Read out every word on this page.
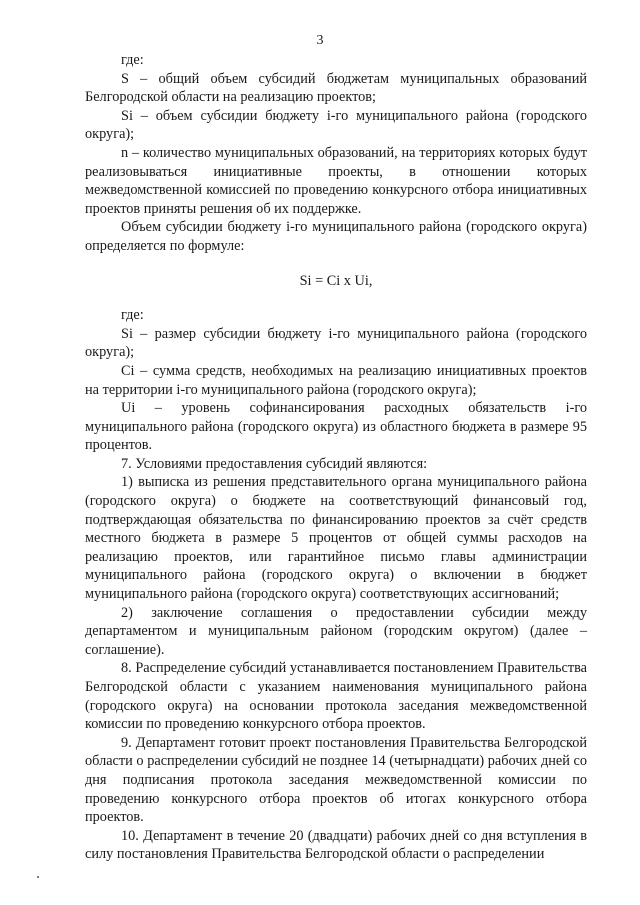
3

где:

S – общий объем субсидий бюджетам муниципальных образований Белгородской области на реализацию проектов;

Si – объем субсидии бюджету i-го муниципального района (городского округа);

n – количество муниципальных образований, на территориях которых будут реализовываться инициативные проекты, в отношении которых межведомственной комиссией по проведению конкурсного отбора инициативных проектов приняты решения об их поддержке.

Объем субсидии бюджету i-го муниципального района (городского округа) определяется по формуле:

Si = Ci x Ui,

где:

Si – размер субсидии бюджету i-го муниципального района (городского округа);

Ci – сумма средств, необходимых на реализацию инициативных проектов на территории i-го муниципального района (городского округа);

Ui – уровень софинансирования расходных обязательств i-го муниципального района (городского округа) из областного бюджета в размере 95 процентов.

7. Условиями предоставления субсидий являются:

1) выписка из решения представительного органа муниципального района (городского округа) о бюджете на соответствующий финансовый год, подтверждающая обязательства по финансированию проектов за счёт средств местного бюджета в размере 5 процентов от общей суммы расходов на реализацию проектов, или гарантийное письмо главы администрации муниципального района (городского округа) о включении в бюджет муниципального района (городского округа) соответствующих ассигнований;

2) заключение соглашения о предоставлении субсидии между департаментом и муниципальным районом (городским округом) (далее – соглашение).

8. Распределение субсидий устанавливается постановлением Правительства Белгородской области с указанием наименования муниципального района (городского округа) на основании протокола заседания межведомственной комиссии по проведению конкурсного отбора проектов.

9. Департамент готовит проект постановления Правительства Белгородской области о распределении субсидий не позднее 14 (четырнадцати) рабочих дней со дня подписания протокола заседания межведомственной комиссии по проведению конкурсного отбора проектов об итогах конкурсного отбора проектов.

10. Департамент в течение 20 (двадцати) рабочих дней со дня вступления в силу постановления Правительства Белгородской области о распределении
